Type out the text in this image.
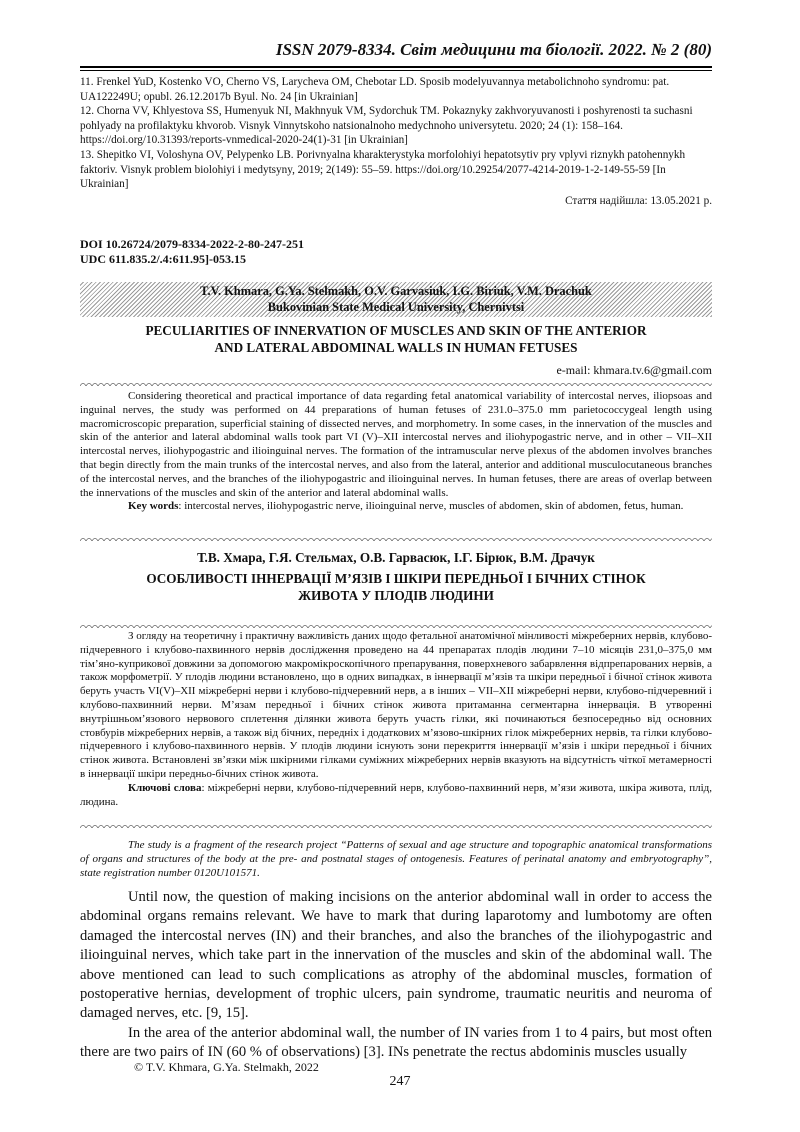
ISSN 2079-8334. Світ медицини та біології. 2022. № 2 (80)

11. Frenkel YuD, Kostenko VO, Cherno VS, Larycheva OM, Chebotar LD. Sposib modelyuvannya metabolichnoho syndromu: pat. UA122249U; opubl. 26.12.2017b Byul. No. 24 [in Ukrainian]

12. Chorna VV, Khlyestova SS, Humenyuk NI, Makhnyuk VM, Sydorchuk TM. Pokaznyky zakhvoryuvanosti i poshyrenosti ta suchasni pohlyady na profilaktyku khvorob. Visnyk Vinnytskoho natsionalnoho medychnoho universytetu. 2020; 24 (1): 158–164. https://doi.org/10.31393/reports-vnmedical-2020-24(1)-31 [in Ukrainian]

13. Shepitko VI, Voloshyna OV, Pelypenko LB. Porivnyalna kharakterystyka morfolohiyi hepatotsytiv pry vplyvi riznykh patohennykh faktoriv. Visnyk problem biolohiyi i medytsyny, 2019; 2(149): 55–59. https://doi.org/10.29254/2077-4214-2019-1-2-149-55-59 [In Ukrainian]

Стаття надійшла: 13.05.2021 р.

DOI 10.26724/2079-8334-2022-2-80-247-251
UDC 611.835.2/.4:611.95]-053.15
T.V. Khmara, G.Ya. Stelmakh, O.V. Garvasiuk, I.G. Biriuk, V.M. Drachuk
Bukovinian State Medical University, Chernivtsi
PECULIARITIES OF INNERVATION OF MUSCLES AND SKIN OF THE ANTERIOR
AND LATERAL ABDOMINAL WALLS IN HUMAN FETUSES
e-mail: khmara.tv.6@gmail.com

Considering theoretical and practical importance of data regarding fetal anatomical variability of intercostal nerves, iliopsoas and inguinal nerves, the study was performed on 44 preparations of human fetuses of 231.0–375.0 mm parietococcygeal length using macromicroscopic preparation, superficial staining of dissected nerves, and morphometry. In some cases, in the innervation of the muscles and skin of the anterior and lateral abdominal walls took part VI (V)–XII intercostal nerves and iliohypogastric nerve, and in other – VII–XII intercostal nerves, iliohypogastric and ilioinguinal nerves. The formation of the intramuscular nerve plexus of the abdomen involves branches that begin directly from the main trunks of the intercostal nerves, and also from the lateral, anterior and additional musculocutaneous branches of the intercostal nerves, and the branches of the iliohypogastric and ilioinguinal nerves. In human fetuses, there are areas of overlap between the innervations of the muscles and skin of the anterior and lateral abdominal walls.

Key words: intercostal nerves, iliohypogastric nerve, ilioinguinal nerve, muscles of abdomen, skin of abdomen, fetus, human.

Т.В. Хмара, Г.Я. Стельмах, О.В. Гарвасюк, І.Г. Бірюк, В.М. Драчук
ОСОБЛИВОСТІ ІННЕРВАЦІЇ М’ЯЗІВ І ШКІРИ ПЕРЕДНЬОЇ І БІЧНИХ СТІНОК
ЖИВОТА У ПЛОДІВ ЛЮДИНИ

З огляду на теоретичну і практичну важливість даних щодо фетальної анатомічної мінливості міжреберних нервів, клубово-підчеревного і клубово-пахвинного нервів дослідження проведено на 44 препаратах плодів людини 7–10 місяців 231,0–375,0 мм тім’яно-куприкової довжини за допомогою макромікроскопічного препарування, поверхневого забарвлення відпрепарованих нервів, а також морфометрії. У плодів людини встановлено, що в одних випадках, в іннервації м’язів та шкіри передньої і бічної стінок живота беруть участь VI(V)–XII міжреберні нерви і клубово-підчеревний нерв, а в інших – VII–XII міжреберні нерви, клубово-підчеревний і клубово-пахвинний нерви. М’язам передньої і бічних стінок живота притаманна сегментарна іннервація. В утворенні внутрішньом’язового нервового сплетення ділянки живота беруть участь гілки, які починаються безпосередньо від основних стовбурів міжреберних нервів, а також від бічних, передніх і додаткових м’язово-шкірних гілок міжреберних нервів, та гілки клубово-підчеревного і клубово-пахвинного нервів. У плодів людини існують зони перекриття іннервації м’язів і шкіри передньої і бічних стінок живота. Встановлені зв’язки між шкірними гілками суміжних міжреберних нервів вказують на відсутність чіткої метамерності в іннервації шкіри передньо-бічних стінок живота.

Ключові слова: міжреберні нерви, клубово-підчеревний нерв, клубово-пахвинний нерв, м’язи живота, шкіра живота, плід, людина.

The study is a fragment of the research project “Patterns of sexual and age structure and topographic anatomical transformations of organs and structures of the body at the pre- and postnatal stages of ontogenesis. Features of perinatal anatomy and embryotography”, state registration number 0120U101571.

Until now, the question of making incisions on the anterior abdominal wall in order to access the abdominal organs remains relevant. We have to mark that during laparotomy and lumbotomy are often damaged the intercostal nerves (IN) and their branches, and also the branches of the iliohypogastric and ilioinguinal nerves, which take part in the innervation of the muscles and skin of the abdominal wall. The above mentioned can lead to such complications as atrophy of the abdominal muscles, formation of postoperative hernias, development of trophic ulcers, pain syndrome, traumatic neuritis and neuroma of damaged nerves, etc. [9, 15].

In the area of the anterior abdominal wall, the number of IN varies from 1 to 4 pairs, but most often there are two pairs of IN (60 % of observations) [3]. INs penetrate the rectus abdominis muscles usually

© T.V. Khmara, G.Ya. Stelmakh, 2022
247
